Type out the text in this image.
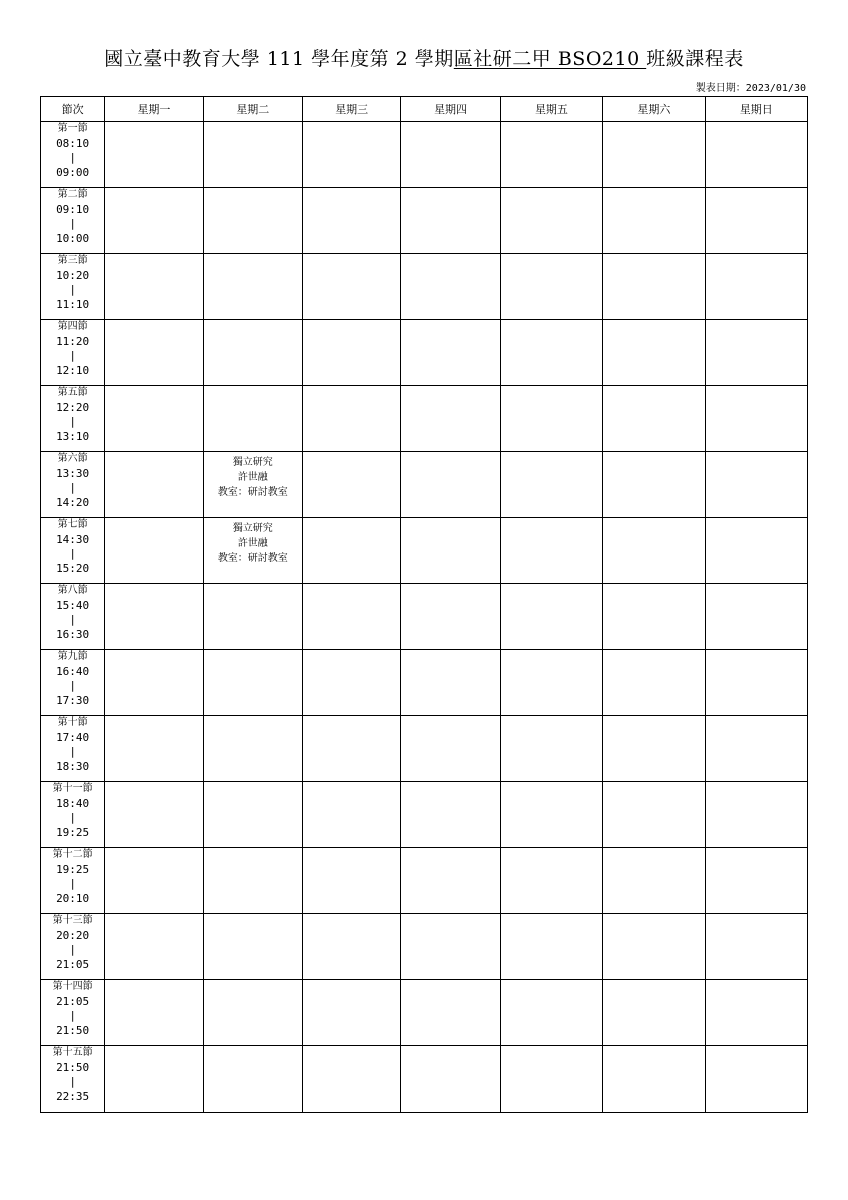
國立臺中教育大學 111 學年度第 2 學期區社研二甲 BSO210 班級課程表
製表日期：2023/01/30
節次	星期一	星期二	星期三	星期四	星期五	星期六	星期日

第一節
08:10
|
09:00							

第二節
09:10
|
10:00							

第三節
10:20
|
11:10							

第四節
11:20
|
12:10							

第五節
12:20
|
13:10							

第六節
13:30
|
14:20		獨立研究
許世融
教室：研討教室					

第七節
14:30
|
15:20		獨立研究
許世融
教室：研討教室					

第八節
15:40
|
16:30							

第九節
16:40
|
17:30							

第十節
17:40
|
18:30							

第十一節
18:40
|
19:25							

第十二節
19:25
|
20:10							

第十三節
20:20
|
21:05							

第十四節
21:05
|
21:50							

第十五節
21:50
|
22:35							
